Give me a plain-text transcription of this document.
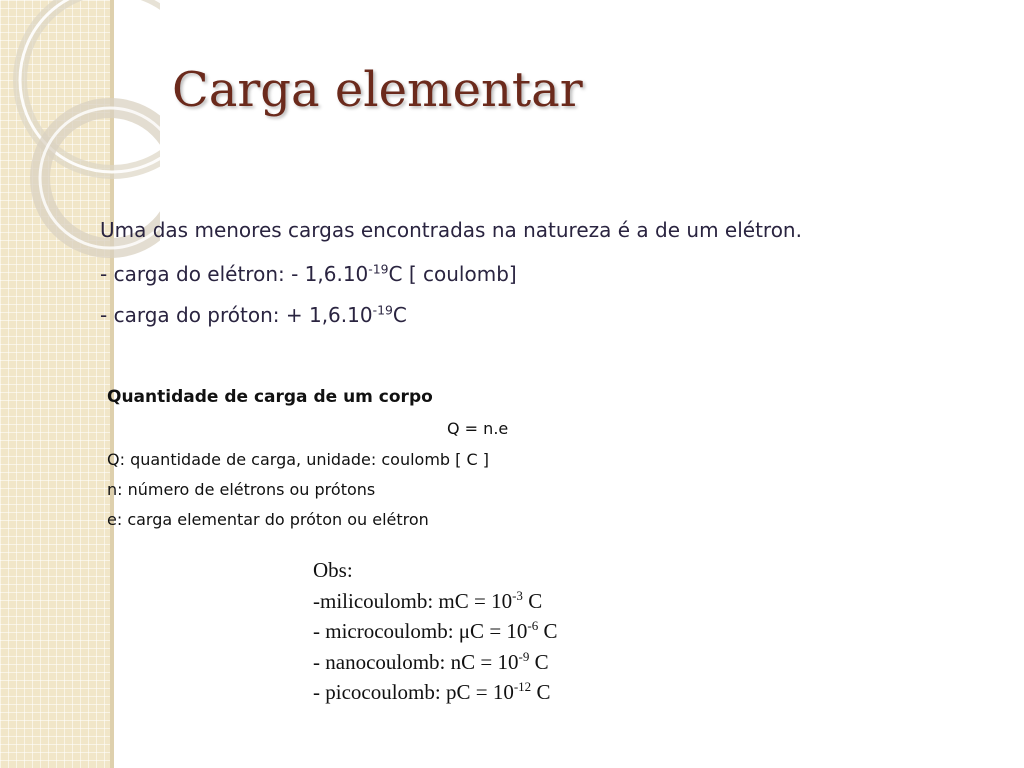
Carga elementar
Uma das menores cargas encontradas na natureza é a de um elétron.
- carga do elétron: - $1,6.10^{-19}C$ [ coulomb]
- carga do próton: + $1,6.10^{-19}C$
Quantidade de carga de um corpo
Q = n.e
Q: quantidade de carga, unidade: coulomb [ C ]
n: número de elétrons ou prótons
e: carga elementar do próton ou elétron
Obs:
-milicoulomb: mC = $10^{-3}$ C
- microcoulomb: $\mu C = 10^{-6}$ C
- nanocoulomb: nC = $10^{-9}$ C
- picocoulomb: pC = $10^{-12}$ C
